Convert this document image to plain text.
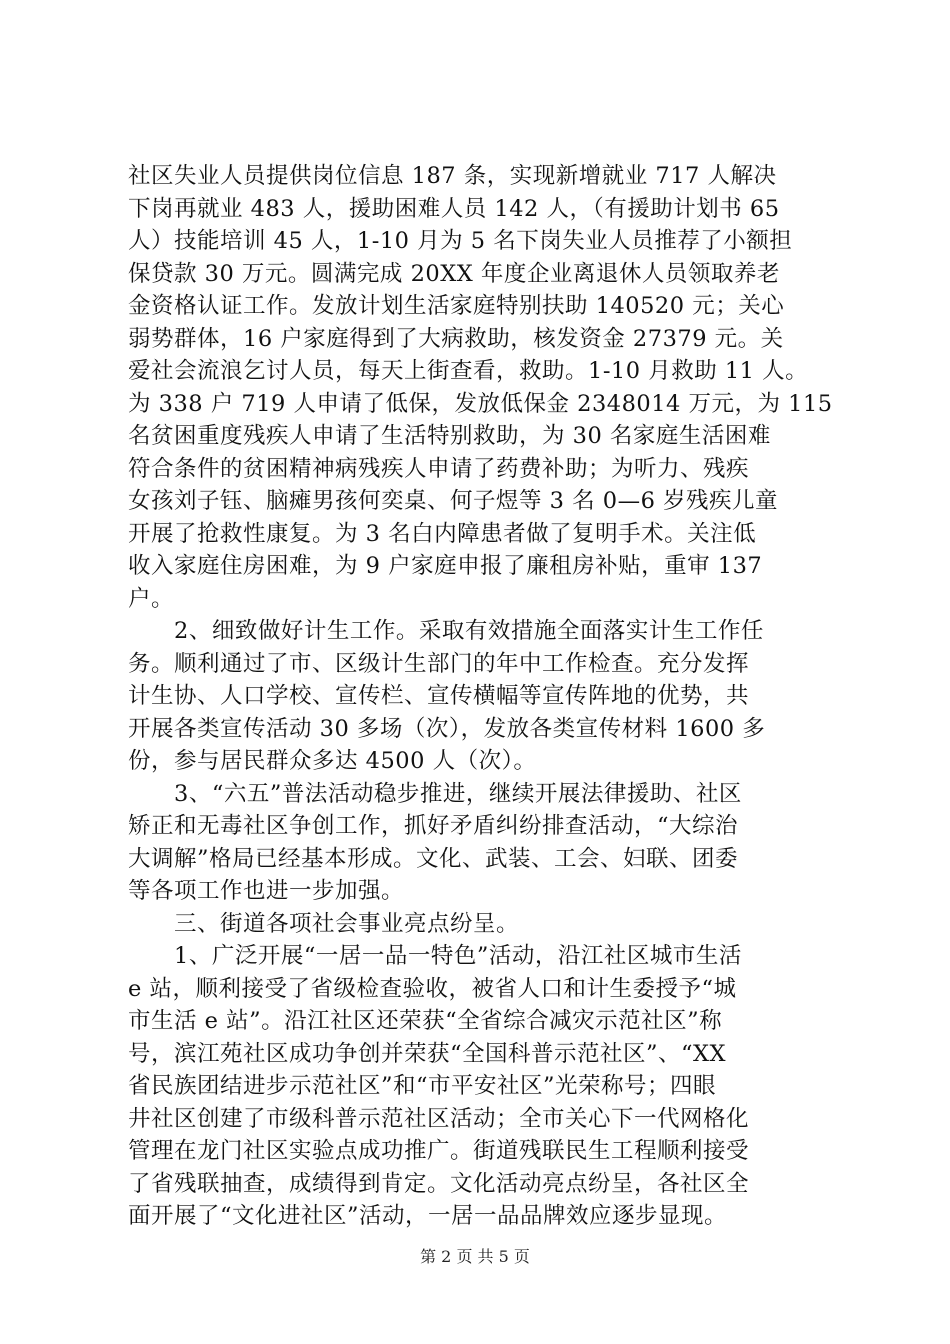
社区失业人员提供岗位信息 187 条，实现新增就业 717 人解决
下岗再就业 483 人，援助困难人员 142 人，（有援助计划书 65
人）技能培训 45 人，1-10 月为 5 名下岗失业人员推荐了小额担
保贷款 30 万元。圆满完成 20XX 年度企业离退休人员领取养老
金资格认证工作。发放计划生活家庭特别扶助 140520 元；关心
弱势群体，16 户家庭得到了大病救助，核发资金 27379 元。关
爱社会流浪乞讨人员，每天上街查看，救助。1-10 月救助 11 人。
为 338 户 719 人申请了低保，发放低保金 2348014 万元，为 115
名贫困重度残疾人申请了生活特别救助，为 30 名家庭生活困难
符合条件的贫困精神病残疾人申请了药费补助；为听力、残疾
女孩刘子钰、脑瘫男孩何奕桌、何子煜等 3 名 0—6 岁残疾儿童
开展了抢救性康复。为 3 名白内障患者做了复明手术。关注低
收入家庭住房困难，为 9 户家庭申报了廉租房补贴，重审 137
户。
　　2、细致做好计生工作。采取有效措施全面落实计生工作任
务。顺利通过了市、区级计生部门的年中工作检查。充分发挥
计生协、人口学校、宣传栏、宣传横幅等宣传阵地的优势，共
开展各类宣传活动 30 多场（次），发放各类宣传材料 1600 多
份，参与居民群众多达 4500 人（次）。
　　3、“六五”普法活动稳步推进，继续开展法律援助、社区
矫正和无毒社区争创工作，抓好矛盾纠纷排查活动，“大综治
大调解”格局已经基本形成。文化、武装、工会、妇联、团委
等各项工作也进一步加强。
　　三、街道各项社会事业亮点纷呈。
　　1、广泛开展“一居一品一特色”活动，沿江社区城市生活
e 站，顺利接受了省级检查验收，被省人口和计生委授予“城
市生活 e 站”。沿江社区还荣获“全省综合减灾示范社区”称
号，滨江苑社区成功争创并荣获“全国科普示范社区”、“XX
省民族团结进步示范社区”和“市平安社区”光荣称号；四眼
井社区创建了市级科普示范社区活动；全市关心下一代网格化
管理在龙门社区实验点成功推广。街道残联民生工程顺利接受
了省残联抽查，成绩得到肯定。文化活动亮点纷呈，各社区全
面开展了“文化进社区”活动，一居一品品牌效应逐步显现。
第 2 页 共 5 页
